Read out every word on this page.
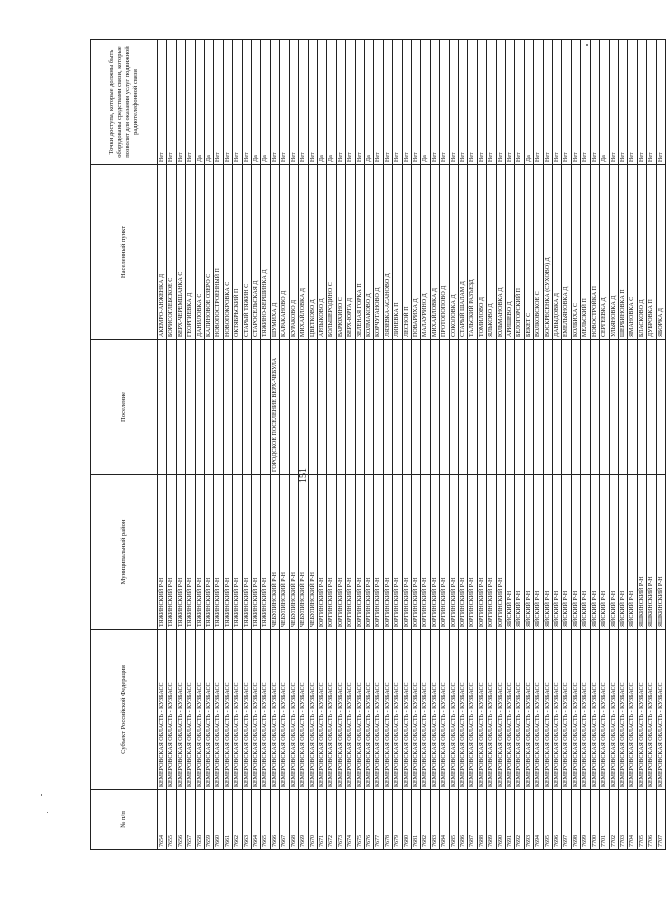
151
№ п/п	Субъект Российской Федерации	Муниципальный район	Поселение	Населенный пункт	Точки доступа, которые должны быть оборудованы средствами связи, которые позволят для оказания услуг подвижной радиотелефонной связи
7654	КЕМЕРОВСКАЯ ОБЛАСТЬ - КУЗБАСС	ТЯЖИНСКИЙ Р-Н		АКЕМРО-АНЖЕНКА Д	Нет
7655	КЕМЕРОВСКАЯ ОБЛАСТЬ - КУЗБАСС	ТЯЖИНСКИЙ Р-Н		БОРИСОГЛЕБСКОЕ С	Нет
7656	КЕМЕРОВСКАЯ ОБЛАСТЬ - КУЗБАСС	ТЯЖИНСКИЙ Р-Н		ВЕРХ-ЧЕРЕМШАНКА С	Нет
7657	КЕМЕРОВСКАЯ ОБЛАСТЬ - КУЗБАСС	ТЯЖИНСКИЙ Р-Н		ГЕОРГИЕВКА Д	Нет
7658	КЕМЕРОВСКАЯ ОБЛАСТЬ - КУЗБАСС	ТЯЖИНСКИЙ Р-Н		ДАНИЛОВКА С	Да
7659	КЕМЕРОВСКАЯ ОБЛАСТЬ - КУЗБАСС	ТЯЖИНСКИЙ Р-Н		КАЛИНОВОЕ ОЗЕРО С	Да
7660	КЕМЕРОВСКАЯ ОБЛАСТЬ - КУЗБАСС	ТЯЖИНСКИЙ Р-Н		НОВОПОСТРОЕННЫЙ П	Нет
7661	КЕМЕРОВСКАЯ ОБЛАСТЬ - КУЗБАСС	ТЯЖИНСКИЙ Р-Н		НОВОПОКРОВКА С	Нет
7662	КЕМЕРОВСКАЯ ОБЛАСТЬ - КУЗБАСС	ТЯЖИНСКИЙ Р-Н		ОКТЯБРЬСКИЙ П	Нет
7663	КЕМЕРОВСКАЯ ОБЛАСТЬ - КУЗБАСС	ТЯЖИНСКИЙ Р-Н		СТАРЫЙ ТЯЖИН С	Нет
7664	КЕМЕРОВСКАЯ ОБЛАСТЬ - КУЗБАСС	ТЯЖИНСКИЙ Р-Н		СТАРОСЕЛЬСКАЯ Д	Да
7665	КЕМЕРОВСКАЯ ОБЛАСТЬ - КУЗБАСС	ТЯЖИНСКИЙ Р-Н		ТЯЖИНО-ВЕРШИНКА Д	Да
7666	КЕМЕРОВСКАЯ ОБЛАСТЬ - КУЗБАСС	ЧЕБУЛИНСКИЙ Р-Н	ГОРОДСКОЕ ПОСЕЛЕНИЕ ВЕРХ-ЧЕБУЛА	ШУМИХА Д	Нет
7667	КЕМЕРОВСКАЯ ОБЛАСТЬ - КУЗБАСС	ЧЕБУЛИНСКИЙ Р-Н		КАРАКАНОВО Д	Нет
7668	КЕМЕРОВСКАЯ ОБЛАСТЬ - КУЗБАСС	ЧЕБУЛИНСКИЙ Р-Н		КУРАКОВО Д	Нет
7669	КЕМЕРОВСКАЯ ОБЛАСТЬ - КУЗБАСС	ЧЕБУЛИНСКИЙ Р-Н		МИХАЙЛОВКА Д	Нет
7670	КЕМЕРОВСКАЯ ОБЛАСТЬ - КУЗБАСС	ЧЕБУЛИНСКИЙ Р-Н		ЦВЕТКОВО Д	Нет
7671	КЕМЕРОВСКАЯ ОБЛАСТЬ - КУЗБАСС	ЮРГИНСКИЙ Р-Н		АРЛЫКОВО Д	Да
7672	КЕМЕРОВСКАЯ ОБЛАСТЬ - КУЗБАСС	ЮРГИНСКИЙ Р-Н		БОЛЬШЕРОДИНО С	Да
7673	КЕМЕРОВСКАЯ ОБЛАСТЬ - КУЗБАСС	ЮРГИНСКИЙ Р-Н		ВАРЮХИНО С	Нет
7674	КЕМЕРОВСКАЯ ОБЛАСТЬ - КУЗБАСС	ЮРГИНСКИЙ Р-Н		ВЕРХ-ЮРГА Д	Нет
7675	КЕМЕРОВСКАЯ ОБЛАСТЬ - КУЗБАСС	ЮРГИНСКИЙ Р-Н		ЗЕЛЕНАЯ ГОРКА П	Нет
7676	КЕМЕРОВСКАЯ ОБЛАСТЬ - КУЗБАСС	ЮРГИНСКИЙ Р-Н		КОЛМАКОВО Д	Да
7677	КЕМЕРОВСКАЯ ОБЛАСТЬ - КУЗБАСС	ЮРГИНСКИЙ Р-Н		КОРЧУГАНОВО Д	Нет
7678	КЕМЕРОВСКАЯ ОБЛАСТЬ - КУЗБАСС	ЮРГИНСКИЙ Р-Н		ЛЯЗЕВКА-АСАНОВО Д	Нет
7679	КЕМЕРОВСКАЯ ОБЛАСТЬ - КУЗБАСС	ЮРГИНСКИЙ Р-Н		ЛИНЕВКА П	Нет
7680	КЕМЕРОВСКАЯ ОБЛАСТЬ - КУЗБАСС	ЮРГИНСКИЙ Р-Н		ЛЕСНОЙ П	Нет
7681	КЕМЕРОВСКАЯ ОБЛАСТЬ - КУЗБАСС	ЮРГИНСКИЙ Р-Н		ПОВАРИХА Д	Нет
7682	КЕМЕРОВСКАЯ ОБЛАСТЬ - КУЗБАСС	ЮРГИНСКИЙ Р-Н		МАЛАУРИНО Д	Да
7683	КЕМЕРОВСКАЯ ОБЛАСТЬ - КУЗБАСС	ЮРГИНСКИЙ Р-Н		МИХАЙЛОВКА Д	Нет
7684	КЕМЕРОВСКАЯ ОБЛАСТЬ - КУЗБАСС	ЮРГИНСКИЙ Р-Н		ПРОТОПОПОВО Д	Нет
7685	КЕМЕРОВСКАЯ ОБЛАСТЬ - КУЗБАСС	ЮРГИНСКИЙ Р-Н		СОКОЛОВКА Д	Нет
7686	КЕМЕРОВСКАЯ ОБЛАСТЬ - КУЗБАСС	ЮРГИНСКИЙ Р-Н		СТАРЫЙ ШАЛАМ Д	Нет
7687	КЕМЕРОВСКАЯ ОБЛАСТЬ - КУЗБАСС	ЮРГИНСКИЙ Р-Н		ТАЛЬСКИЙ РАЗЪЕЗД	Нет
7688	КЕМЕРОВСКАЯ ОБЛАСТЬ - КУЗБАСС	ЮРГИНСКИЙ Р-Н		ТОМИЛОВО Д	Нет
7689	КЕМЕРОВСКАЯ ОБЛАСТЬ - КУЗБАСС	ЮРГИНСКИЙ Р-Н		ЯЛЬКОВО Д	Нет
7690	КЕМЕРОВСКАЯ ОБЛАСТЬ - КУЗБАСС	ЮРГИНСКИЙ Р-Н		ЮЛЬМАНОВКА Д	Нет
7691	КЕМЕРОВСКАЯ ОБЛАСТЬ - КУЗБАСС	ЯЙСКИЙ Р-Н		АРИШЕВО Д	Нет
7692	КЕМЕРОВСКАЯ ОБЛАСТЬ - КУЗБАСС	ЯЙСКИЙ Р-Н		БЕЛОГОРСКИЙ П	Нет
7693	КЕМЕРОВСКАЯ ОБЛАСТЬ - КУЗБАСС	ЯЙСКИЙ Р-Н		БЕКЕТ С	Да
7694	КЕМЕРОВСКАЯ ОБЛАСТЬ - КУЗБАСС	ЯЙСКИЙ Р-Н		ВОЛКОВСКОЕ С	Нет
7695	КЕМЕРОВСКАЯ ОБЛАСТЬ - КУЗБАСС	ЯЙСКИЙ Р-Н		ВОСКРЕСЕНКА (СУХОВО) Д	Нет
7696	КЕМЕРОВСКАЯ ОБЛАСТЬ - КУЗБАСС	ЯЙСКИЙ Р-Н		ДАВЫДОВКА Д	Нет
7697	КЕМЕРОВСКАЯ ОБЛАСТЬ - КУЗБАСС	ЯЙСКИЙ Р-Н		ЕМЕЛЬЯНОВКА Д	Нет
7698	КЕМЕРОВСКАЯ ОБЛАСТЬ - КУЗБАСС	ЯЙСКИЙ Р-Н		КОЛБИХА С	Нет
7699	КЕМЕРОВСКАЯ ОБЛАСТЬ - КУЗБАСС	ЯЙСКИЙ Р-Н		МЕЛЬСКИЙ П	Нет
7700	КЕМЕРОВСКАЯ ОБЛАСТЬ - КУЗБАСС	ЯЙСКИЙ Р-Н		НОВОСТРОЙКА П	Нет
7701	КЕМЕРОВСКАЯ ОБЛАСТЬ - КУЗБАСС	ЯЙСКИЙ Р-Н		СЕРГЕЕВКА Д	Да
7702	КЕМЕРОВСКАЯ ОБЛАСТЬ - КУЗБАСС	ЯЙСКИЙ Р-Н		УЛЬЯНОВКА Д	Нет
7703	КЕМЕРОВСКАЯ ОБЛАСТЬ - КУЗБАСС	ЯЙСКИЙ Р-Н		ШЕРБИНОВКА П	Нет
7704	КЕМЕРОВСКАЯ ОБЛАСТЬ - КУЗБАСС	ЯЙСКИЙ Р-Н		ЯМАНОВКА С	Нет
7705	КЕМЕРОВСКАЯ ОБЛАСТЬ - КУЗБАСС	ЯШКИНСКИЙ Р-Н		БЛАСКОВО Д	Нет
7706	КЕМЕРОВСКАЯ ОБЛАСТЬ - КУЗБАСС	ЯШКИНСКИЙ Р-Н		ДУБРОВКА П	Нет
7707	КЕМЕРОВСКАЯ ОБЛАСТЬ - КУЗБАСС	ЯШКИНСКИЙ Р-Н		ЯБОРКА Д	Нет
